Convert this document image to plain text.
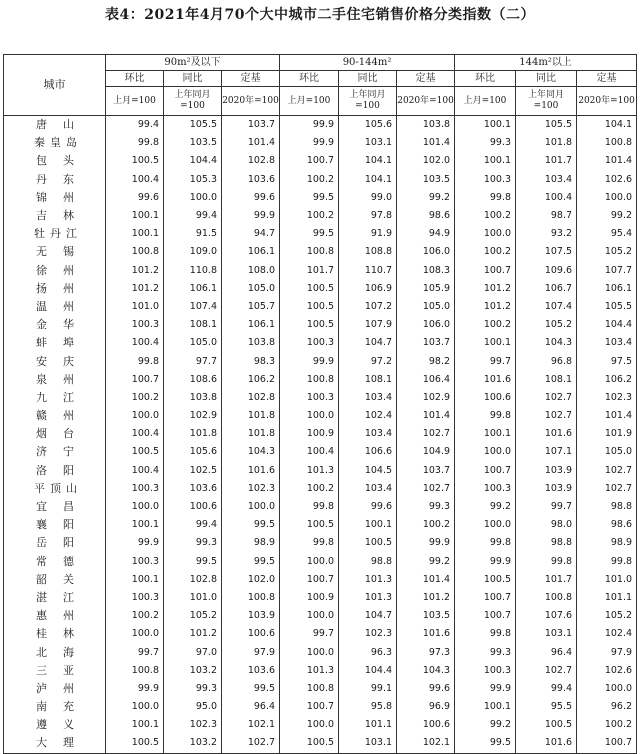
表4：2021年4月70个大中城市二手住宅销售价格分类指数（二）
城市	90m²及以下			90-144m²			144m²以上		
	环比	同比	定基	环比	同比	定基	环比	同比	定基
	上月=100	上年同月=100	2020年=100	上月=100	上年同月=100	2020年=100	上月=100	上年同月=100	2020年=100
唐山	99.4	105.5	103.7	99.9	105.6	103.8	100.1	105.5	104.1
秦皇岛	99.8	103.5	101.4	99.9	103.1	101.4	99.3	101.8	100.8
包头	100.5	104.4	102.8	100.7	104.1	102.0	100.1	101.7	101.4
丹东	100.4	105.3	103.6	100.2	104.1	103.5	100.3	103.4	102.6
锦州	99.6	100.0	99.6	99.5	99.0	99.2	99.8	100.4	100.0
吉林	100.1	99.4	99.9	100.2	97.8	98.6	100.2	98.7	99.2
牡丹江	100.1	91.5	94.7	99.5	91.9	94.9	100.0	93.2	95.4
无锡	100.8	109.0	106.1	100.8	108.8	106.0	100.2	107.5	105.2
徐州	101.2	110.8	108.0	101.7	110.7	108.3	100.7	109.6	107.7
扬州	101.2	106.1	105.0	100.5	106.9	105.9	101.2	106.7	106.1
温州	101.0	107.4	105.7	100.5	107.2	105.0	101.2	107.4	105.5
金华	100.3	108.1	106.1	100.5	107.9	106.0	100.2	105.2	104.4
蚌埠	100.4	105.0	103.8	100.3	104.7	103.7	100.1	104.3	103.4
安庆	99.8	97.7	98.3	99.9	97.2	98.2	99.7	96.8	97.5
泉州	100.7	108.6	106.2	100.8	108.1	106.4	101.6	108.1	106.2
九江	100.2	103.8	102.8	100.3	103.4	102.9	100.6	102.7	102.3
赣州	100.0	102.9	101.8	100.0	102.4	101.4	99.8	102.7	101.4
烟台	100.4	101.8	101.8	100.9	103.4	102.7	100.1	101.6	101.9
济宁	100.5	105.6	104.3	100.4	106.6	104.9	100.0	107.1	105.0
洛阳	100.4	102.5	101.6	101.3	104.5	103.7	100.7	103.9	102.7
平顶山	100.3	103.6	102.3	100.2	103.4	102.7	100.3	103.9	102.7
宜昌	100.0	100.6	100.0	99.8	99.6	99.3	99.2	99.7	98.8
襄阳	100.1	99.4	99.5	100.5	100.1	100.2	100.0	98.0	98.6
岳阳	99.9	99.3	98.9	99.8	100.5	99.9	99.8	98.8	98.9
常德	100.3	99.5	99.5	100.0	98.8	99.2	99.9	99.8	99.8
韶关	100.1	102.8	102.0	100.7	101.3	101.4	100.5	101.7	101.0
湛江	100.3	101.0	100.8	100.9	101.3	101.2	100.7	100.8	101.1
惠州	100.2	105.2	103.9	100.0	104.7	103.5	100.7	107.6	105.2
桂林	100.0	101.2	100.6	99.7	102.3	101.6	99.8	103.1	102.4
北海	99.7	97.0	97.9	100.0	96.3	97.3	99.3	96.4	97.9
三亚	100.8	103.2	103.6	101.3	104.4	104.3	100.3	102.7	102.6
泸州	99.9	99.3	99.5	100.8	99.1	99.6	99.9	99.4	100.0
南充	100.0	95.0	96.4	100.7	95.8	96.9	100.1	95.5	96.2
遵义	100.1	102.3	102.1	100.0	101.1	100.6	99.2	100.5	100.2
大理	100.5	103.2	102.7	100.5	103.1	102.1	99.5	101.6	100.7
